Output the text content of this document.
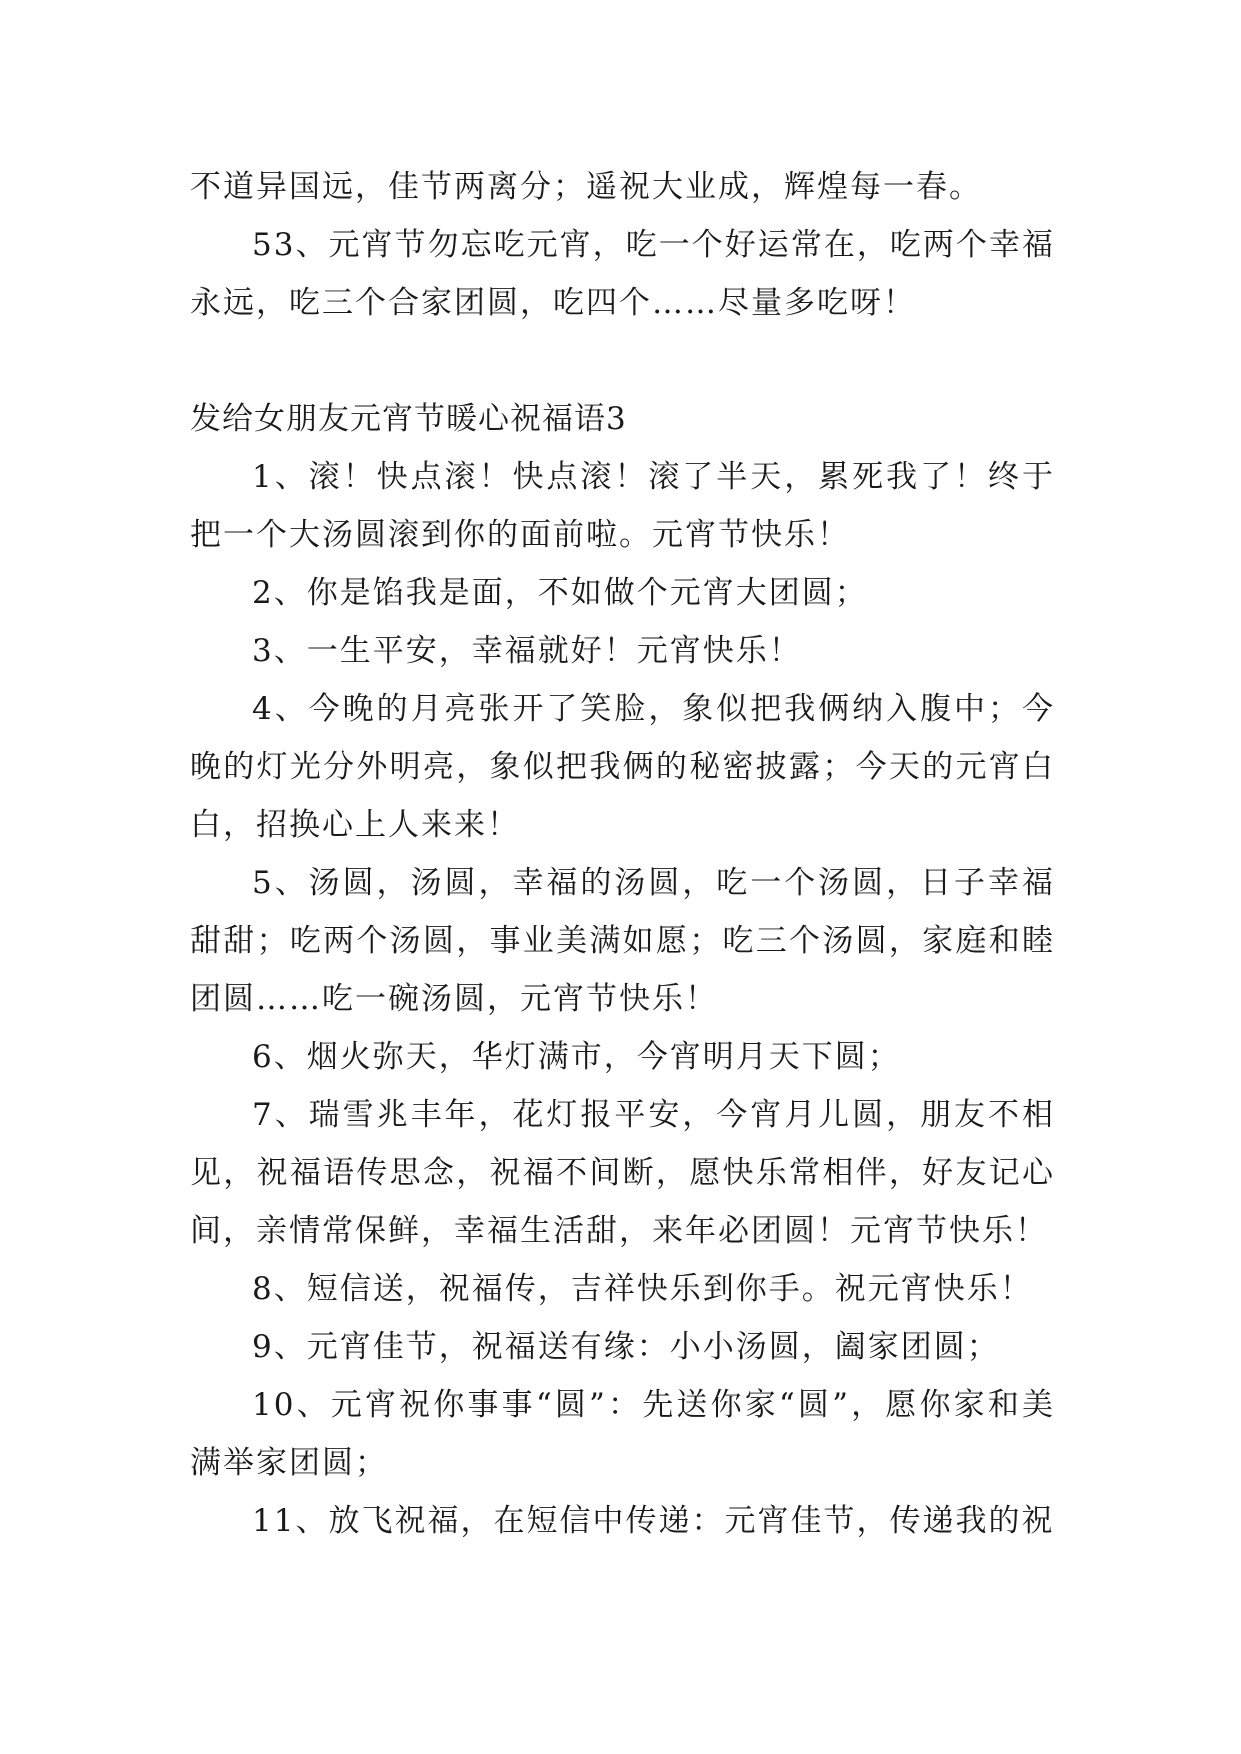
不道异国远，佳节两离分；遥祝大业成，辉煌每一春。

53、元宵节勿忘吃元宵，吃一个好运常在，吃两个幸福永远，吃三个合家团圆，吃四个……尽量多吃呀！

发给女朋友元宵节暖心祝福语3

1、滚！快点滚！快点滚！滚了半天，累死我了！终于把一个大汤圆滚到你的面前啦。元宵节快乐！

2、你是馅我是面，不如做个元宵大团圆；

3、一生平安，幸福就好！元宵快乐！

4、今晚的月亮张开了笑脸，象似把我俩纳入腹中；今晚的灯光分外明亮，象似把我俩的秘密披露；今天的元宵白白，招换心上人来来！

5、汤圆，汤圆，幸福的汤圆，吃一个汤圆，日子幸福甜甜；吃两个汤圆，事业美满如愿；吃三个汤圆，家庭和睦团圆……吃一碗汤圆，元宵节快乐！

6、烟火弥天，华灯满市，今宵明月天下圆；

7、瑞雪兆丰年，花灯报平安，今宵月儿圆，朋友不相见，祝福语传思念，祝福不间断，愿快乐常相伴，好友记心间，亲情常保鲜，幸福生活甜，来年必团圆！元宵节快乐！

8、短信送，祝福传，吉祥快乐到你手。祝元宵快乐！

9、元宵佳节，祝福送有缘：小小汤圆，阖家团圆；

10、元宵祝你事事“圆”：先送你家“圆”，愿你家和美满举家团圆；

11、放飞祝福，在短信中传递：元宵佳节，传递我的祝
